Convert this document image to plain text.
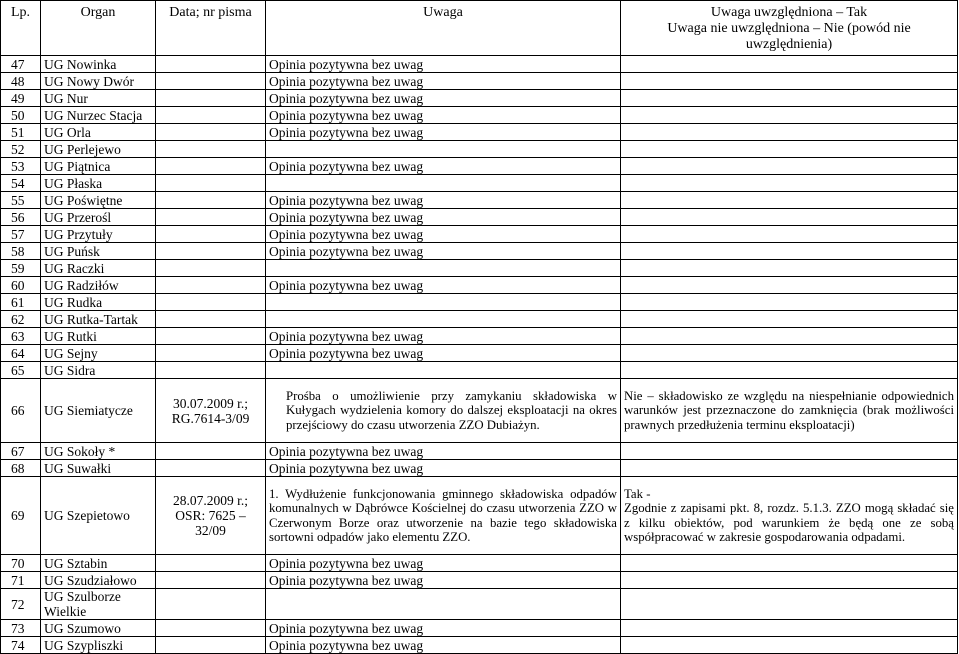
Lp.	Organ	Data; nr pisma	Uwaga	Uwaga uwzględniona – Tak
Uwaga nie uwzględniona – Nie (powód nie uwzględnienia)

47	UG Nowinka		Opinia pozytywna bez uwag	
48	UG Nowy Dwór		Opinia pozytywna bez uwag	
49	UG Nur		Opinia pozytywna bez uwag	
50	UG Nurzec Stacja		Opinia pozytywna bez uwag	
51	UG Orla		Opinia pozytywna bez uwag	
52	UG Perlejewo			
53	UG Piątnica		Opinia pozytywna bez uwag	
54	UG Płaska			
55	UG Poświętne		Opinia pozytywna bez uwag	
56	UG Przerośl		Opinia pozytywna bez uwag	
57	UG Przytuły		Opinia pozytywna bez uwag	
58	UG Puńsk		Opinia pozytywna bez uwag	
59	UG Raczki			
60	UG Radziłów		Opinia pozytywna bez uwag	
61	UG Rudka			
62	UG Rutka-Tartak			
63	UG Rutki		Opinia pozytywna bez uwag	
64	UG Sejny		Opinia pozytywna bez uwag	
65	UG Sidra			
66	UG Siemiatycze	30.07.2009 r.;
RG.7614-3/09	Prośba o umożliwienie przy zamykaniu składowiska w Kułygach wydzielenia komory do dalszej eksploatacji na okres przejściowy do czasu utworzenia ZZO Dubiażyn.	Nie – składowisko ze względu na niespełnianie odpowiednich warunków jest przeznaczone do zamknięcia (brak możliwości prawnych przedłużenia terminu eksploatacji)
67	UG Sokoły *		Opinia pozytywna bez uwag	
68	UG Suwałki		Opinia pozytywna bez uwag	
69	UG Szepietowo	28.07.2009 r.;
OSR: 7625 – 32/09	1. Wydłużenie funkcjonowania gminnego składowiska odpadów komunalnych w Dąbrówce Kościelnej do czasu utworzenia ZZO w Czerwonym Borze oraz utworzenie na bazie tego składowiska sortowni odpadów jako elementu ZZO.	Tak -
Zgodnie z zapisami pkt. 8, rozdz. 5.1.3. ZZO mogą składać się z kilku obiektów, pod warunkiem że będą one ze sobą współpracować w zakresie gospodarowania odpadami.
70	UG Sztabin		Opinia pozytywna bez uwag	
71	UG Szudziałowo		Opinia pozytywna bez uwag	
72	UG Szulborze Wielkie			
73	UG Szumowo		Opinia pozytywna bez uwag	
74	UG Szypliszki		Opinia pozytywna bez uwag	
